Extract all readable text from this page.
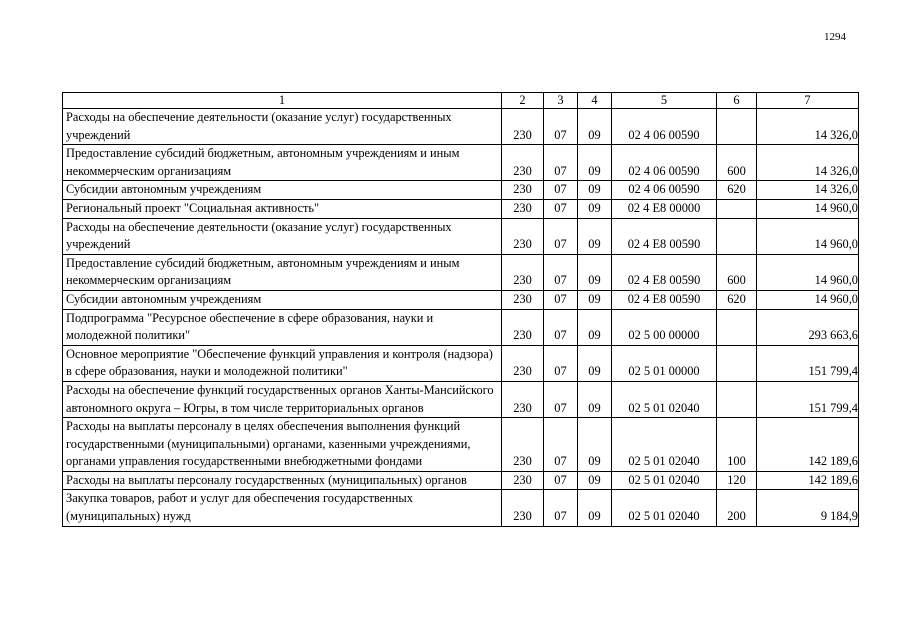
1294
1	2	3	4	5	6	7
Расходы на обеспечение деятельности (оказание услуг) государственных учреждений	230	07	09	02 4 06 00590		14 326,0
Предоставление субсидий бюджетным, автономным учреждениям и иным некоммерческим организациям	230	07	09	02 4 06 00590	600	14 326,0
Субсидии автономным учреждениям	230	07	09	02 4 06 00590	620	14 326,0
Региональный проект "Социальная активность"	230	07	09	02 4 E8 00000		14 960,0
Расходы на обеспечение деятельности (оказание услуг) государственных учреждений	230	07	09	02 4 E8 00590		14 960,0
Предоставление субсидий бюджетным, автономным учреждениям и иным некоммерческим организациям	230	07	09	02 4 E8 00590	600	14 960,0
Субсидии автономным учреждениям	230	07	09	02 4 E8 00590	620	14 960,0
Подпрограмма "Ресурсное обеспечение в сфере образования, науки и молодежной политики"	230	07	09	02 5 00 00000		293 663,6
Основное мероприятие "Обеспечение функций управления и контроля (надзора) в сфере образования, науки и молодежной политики"	230	07	09	02 5 01 00000		151 799,4
Расходы на обеспечение функций государственных органов Ханты-Мансийского автономного округа – Югры, в том числе территориальных органов	230	07	09	02 5 01 02040		151 799,4
Расходы на выплаты персоналу в целях обеспечения выполнения функций государственными (муниципальными) органами, казенными учреждениями, органами управления государственными внебюджетными фондами	230	07	09	02 5 01 02040	100	142 189,6
Расходы на выплаты персоналу государственных (муниципальных) органов	230	07	09	02 5 01 02040	120	142 189,6
Закупка товаров, работ и услуг для обеспечения государственных (муниципальных) нужд	230	07	09	02 5 01 02040	200	9 184,9
